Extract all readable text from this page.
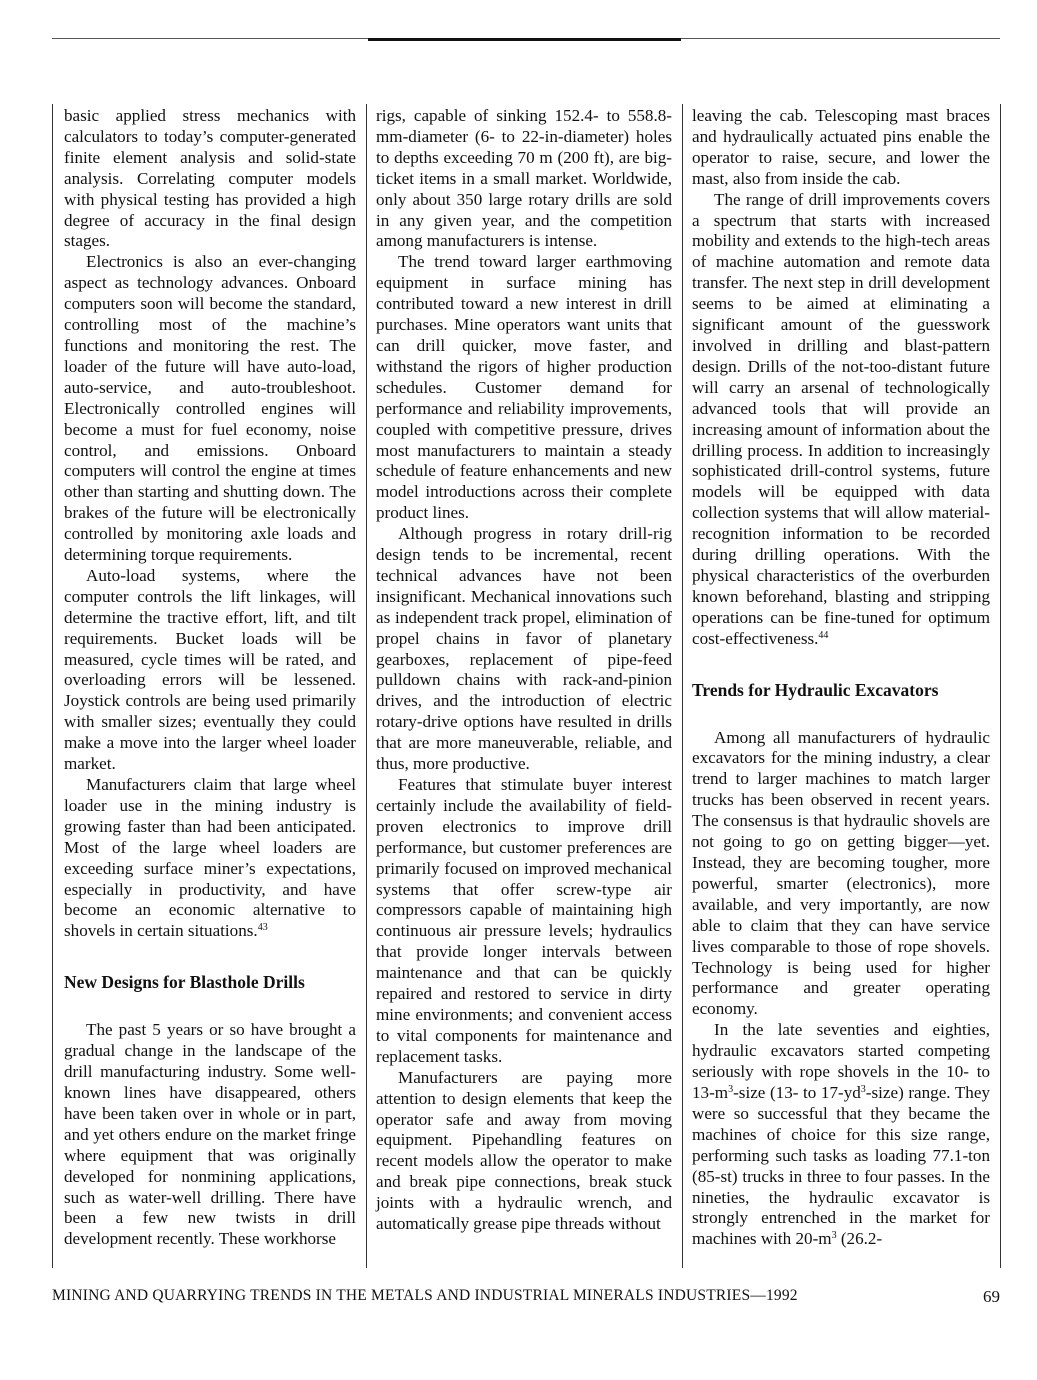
basic applied stress mechanics with calculators to today’s computer-generated finite element analysis and solid-state analysis. Correlating computer models with physical testing has provided a high degree of accuracy in the final design stages.

Electronics is also an ever-changing aspect as technology advances. Onboard computers soon will become the standard, controlling most of the machine’s functions and monitoring the rest. The loader of the future will have auto-load, auto-service, and auto-troubleshoot. Electronically controlled engines will become a must for fuel economy, noise control, and emissions. Onboard computers will control the engine at times other than starting and shutting down. The brakes of the future will be electronically controlled by monitoring axle loads and determining torque requirements.

Auto-load systems, where the computer controls the lift linkages, will determine the tractive effort, lift, and tilt requirements. Bucket loads will be measured, cycle times will be rated, and overloading errors will be lessened. Joystick controls are being used primarily with smaller sizes; eventually they could make a move into the larger wheel loader market.

Manufacturers claim that large wheel loader use in the mining industry is growing faster than had been anticipated. Most of the large wheel loaders are exceeding surface miner’s expectations, especially in productivity, and have become an economic alternative to shovels in certain situations.$^{43}$

New Designs for Blasthole Drills

The past 5 years or so have brought a gradual change in the landscape of the drill manufacturing industry. Some well-known lines have disappeared, others have been taken over in whole or in part, and yet others endure on the market fringe where equipment that was originally developed for nonmining applications, such as water-well drilling. There have been a few new twists in drill development recently. These workhorse

rigs, capable of sinking 152.4- to 558.8-mm-diameter (6- to 22-in-diameter) holes to depths exceeding 70 m (200 ft), are big-ticket items in a small market. Worldwide, only about 350 large rotary drills are sold in any given year, and the competition among manufacturers is intense.

The trend toward larger earthmoving equipment in surface mining has contributed toward a new interest in drill purchases. Mine operators want units that can drill quicker, move faster, and withstand the rigors of higher production schedules. Customer demand for performance and reliability improvements, coupled with competitive pressure, drives most manufacturers to maintain a steady schedule of feature enhancements and new model introductions across their complete product lines.

Although progress in rotary drill-rig design tends to be incremental, recent technical advances have not been insignificant. Mechanical innovations such as independent track propel, elimination of propel chains in favor of planetary gearboxes, replacement of pipe-feed pulldown chains with rack-and-pinion drives, and the introduction of electric rotary-drive options have resulted in drills that are more maneuverable, reliable, and thus, more productive.

Features that stimulate buyer interest certainly include the availability of field-proven electronics to improve drill performance, but customer preferences are primarily focused on improved mechanical systems that offer screw-type air compressors capable of maintaining high continuous air pressure levels; hydraulics that provide longer intervals between maintenance and that can be quickly repaired and restored to service in dirty mine environments; and convenient access to vital components for maintenance and replacement tasks.

Manufacturers are paying more attention to design elements that keep the operator safe and away from moving equipment. Pipehandling features on recent models allow the operator to make and break pipe connections, break stuck joints with a hydraulic wrench, and automatically grease pipe threads without

leaving the cab. Telescoping mast braces and hydraulically actuated pins enable the operator to raise, secure, and lower the mast, also from inside the cab.

The range of drill improvements covers a spectrum that starts with increased mobility and extends to the high-tech areas of machine automation and remote data transfer. The next step in drill development seems to be aimed at eliminating a significant amount of the guesswork involved in drilling and blast-pattern design. Drills of the not-too-distant future will carry an arsenal of technologically advanced tools that will provide an increasing amount of information about the drilling process. In addition to increasingly sophisticated drill-control systems, future models will be equipped with data collection systems that will allow material-recognition information to be recorded during drilling operations. With the physical characteristics of the overburden known beforehand, blasting and stripping operations can be fine-tuned for optimum cost-effectiveness.$^{44}$

Trends for Hydraulic Excavators

Among all manufacturers of hydraulic excavators for the mining industry, a clear trend to larger machines to match larger trucks has been observed in recent years. The consensus is that hydraulic shovels are not going to go on getting bigger—yet. Instead, they are becoming tougher, more powerful, smarter (electronics), more available, and very importantly, are now able to claim that they can have service lives comparable to those of rope shovels. Technology is being used for higher performance and greater operating economy.

In the late seventies and eighties, hydraulic excavators started competing seriously with rope shovels in the 10- to $13-m^3$-size (13- to $17-yd^3-size$) range. They were so successful that they became the machines of choice for this size range, performing such tasks as loading 77.1-ton (85-st) trucks in three to four passes. In the nineties, the hydraulic excavator is strongly entrenched in the market for machines with $20-m^3$ (26.2-

MINING AND QUARRYING TRENDS IN THE METALS AND INDUSTRIAL MINERALS INDUSTRIES—1992	69
